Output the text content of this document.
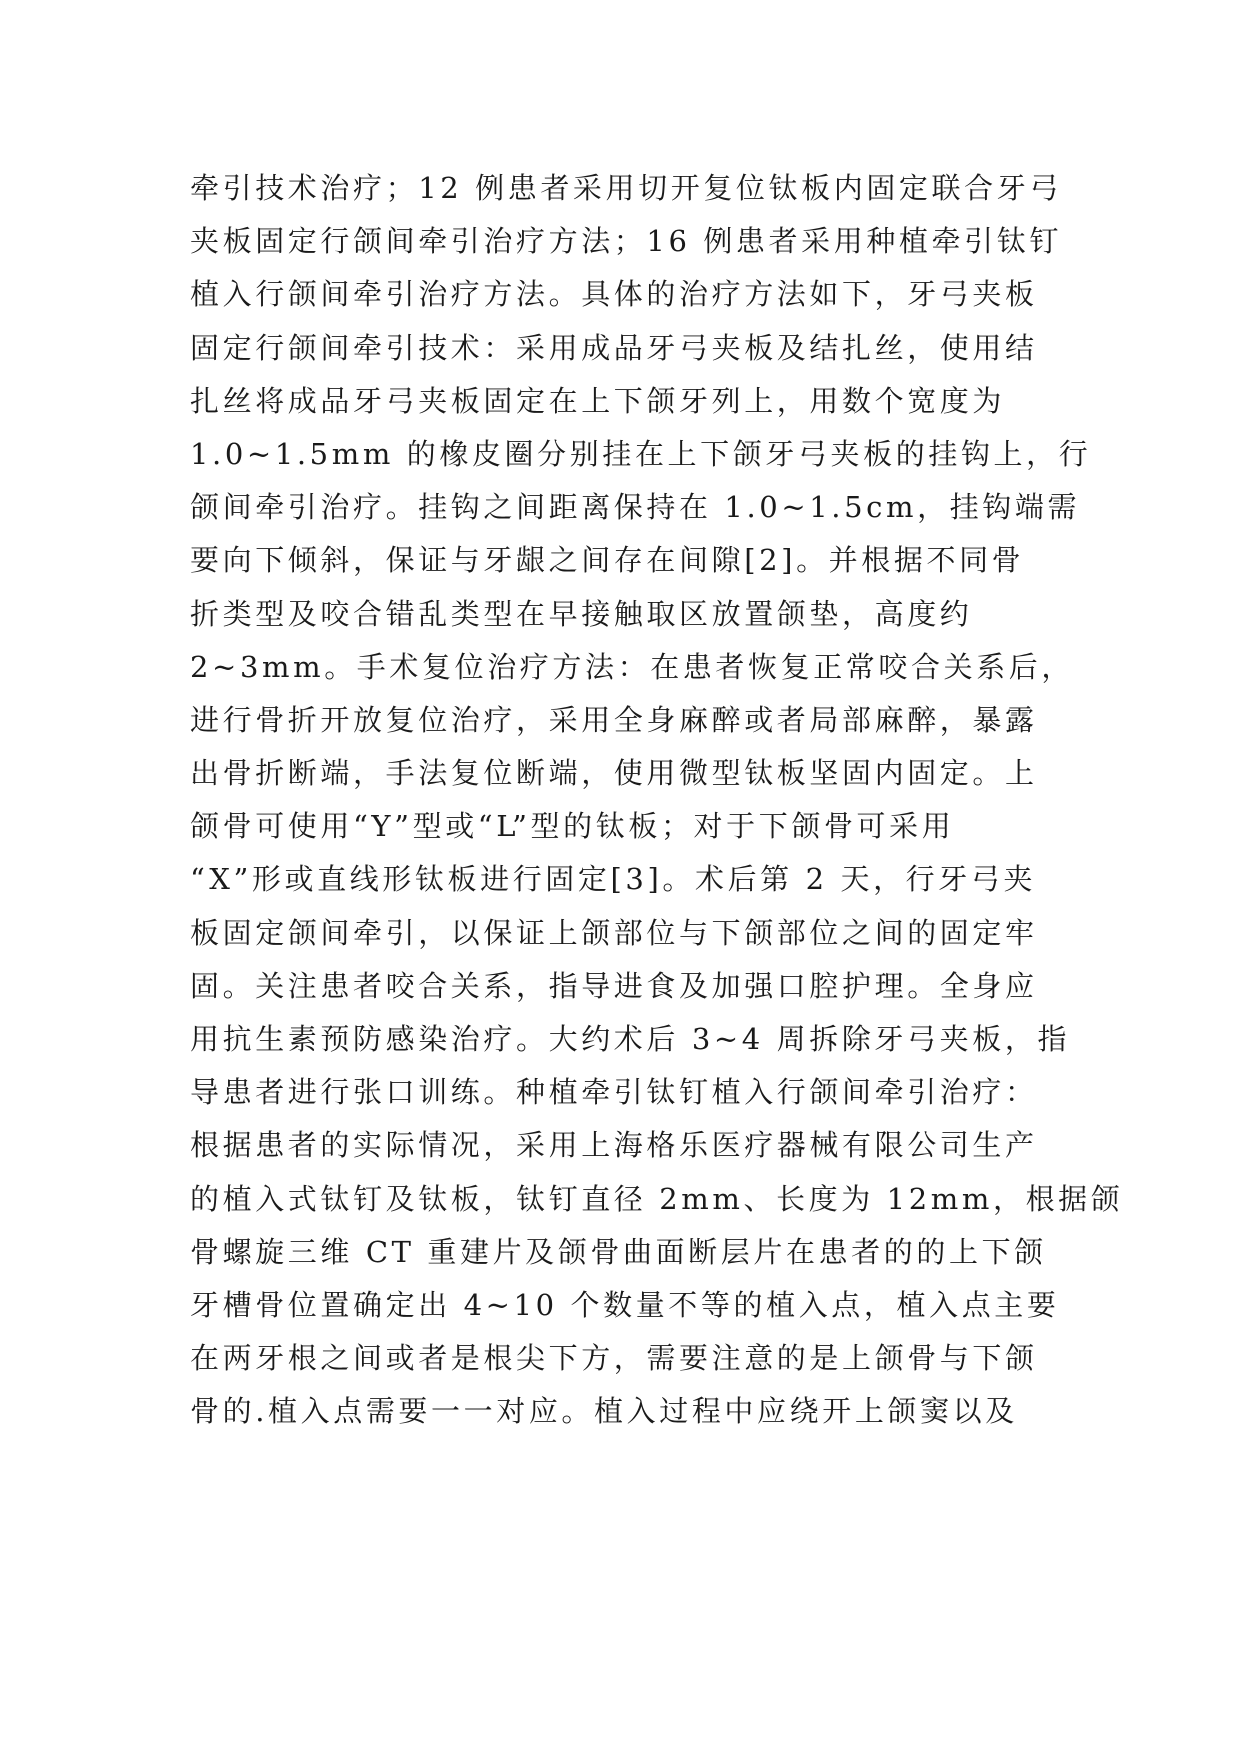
牵引技术治疗；12 例患者采用切开复位钛板内固定联合牙弓
夹板固定行颌间牵引治疗方法；16 例患者采用种植牵引钛钉
植入行颌间牵引治疗方法。具体的治疗方法如下，牙弓夹板
固定行颌间牵引技术：采用成品牙弓夹板及结扎丝，使用结
扎丝将成品牙弓夹板固定在上下颌牙列上，用数个宽度为
1.0~1.5mm 的橡皮圈分别挂在上下颌牙弓夹板的挂钩上，行
颌间牵引治疗。挂钩之间距离保持在 1.0~1.5cm，挂钩端需
要向下倾斜，保证与牙龈之间存在间隙[2]。并根据不同骨
折类型及咬合错乱类型在早接触取区放置颌垫，高度约
2~3mm。手术复位治疗方法：在患者恢复正常咬合关系后，
进行骨折开放复位治疗，采用全身麻醉或者局部麻醉，暴露
出骨折断端，手法复位断端，使用微型钛板坚固内固定。上
颌骨可使用“Y”型或“L”型的钛板；对于下颌骨可采用
“X”形或直线形钛板进行固定[3]。术后第 2 天，行牙弓夹
板固定颌间牵引，以保证上颌部位与下颌部位之间的固定牢
固。关注患者咬合关系，指导进食及加强口腔护理。全身应
用抗生素预防感染治疗。大约术后 3~4 周拆除牙弓夹板，指
导患者进行张口训练。种植牵引钛钉植入行颌间牵引治疗：
根据患者的实际情况，采用上海格乐医疗器械有限公司生产
的植入式钛钉及钛板，钛钉直径 2mm、长度为 12mm，根据颌
骨螺旋三维 CT 重建片及颌骨曲面断层片在患者的的上下颌
牙槽骨位置确定出 4~10 个数量不等的植入点，植入点主要
在两牙根之间或者是根尖下方，需要注意的是上颌骨与下颌
骨的.植入点需要一一对应。植入过程中应绕开上颌窦以及
